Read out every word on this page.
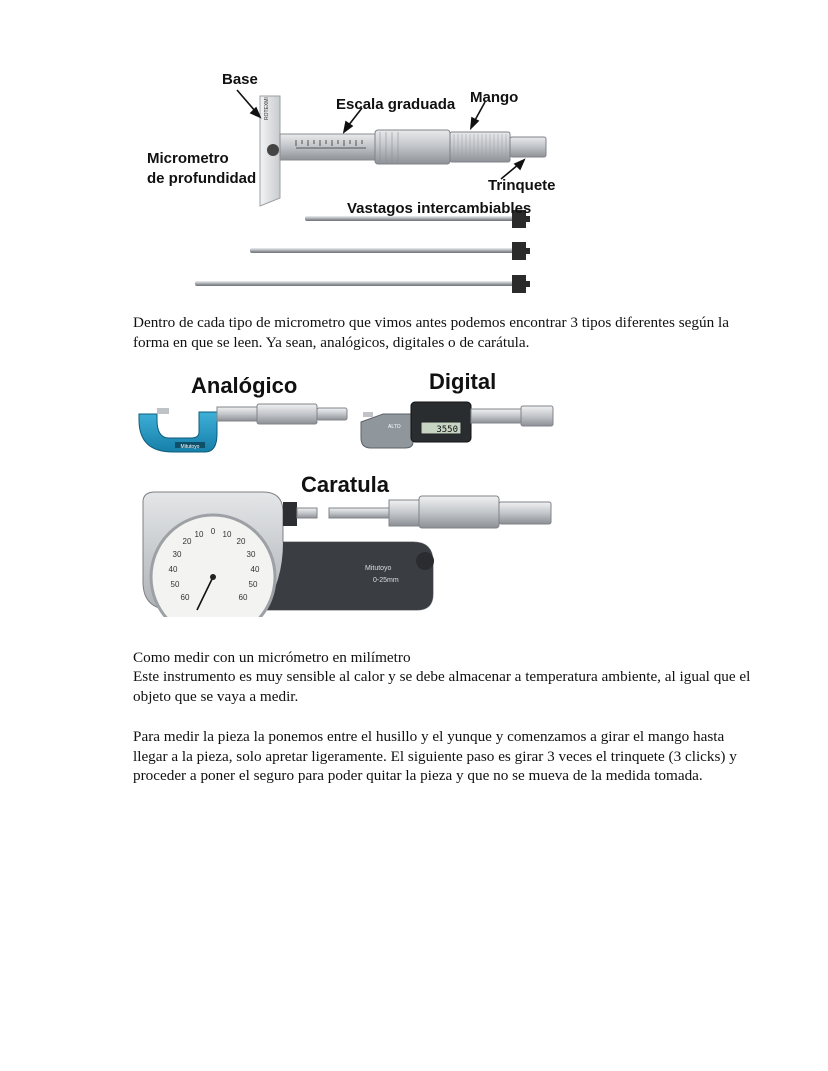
ROTEXMI
Base
Escala graduada Mango
Micrometro
de profundidad	Trinquete
Vastagos intercambiables

Dentro de cada tipo de micrometro que vimos antes podemos encontrar 3 tipos diferentes según la forma en que se leen. Ya sean, analógicos, digitales o de carátula.

Mitutoyo
3550
ALTO
20
10 0 10
20
30
40
50
60
30
40
50
60
Mitutoyo
0-25mm
Analógico	Digital
Caratula

Como medir con un micrómetro en milímetro

Este instrumento es muy sensible al calor y se debe almacenar a temperatura ambiente, al igual que el objeto que se vaya a medir.

Para medir la pieza la ponemos entre el husillo y el yunque y comenzamos a girar el mango hasta llegar a la pieza, solo apretar ligeramente. El siguiente paso es girar 3 veces el trinquete (3 clicks) y proceder a poner el seguro para poder quitar la pieza y que no se mueva de la medida tomada.
